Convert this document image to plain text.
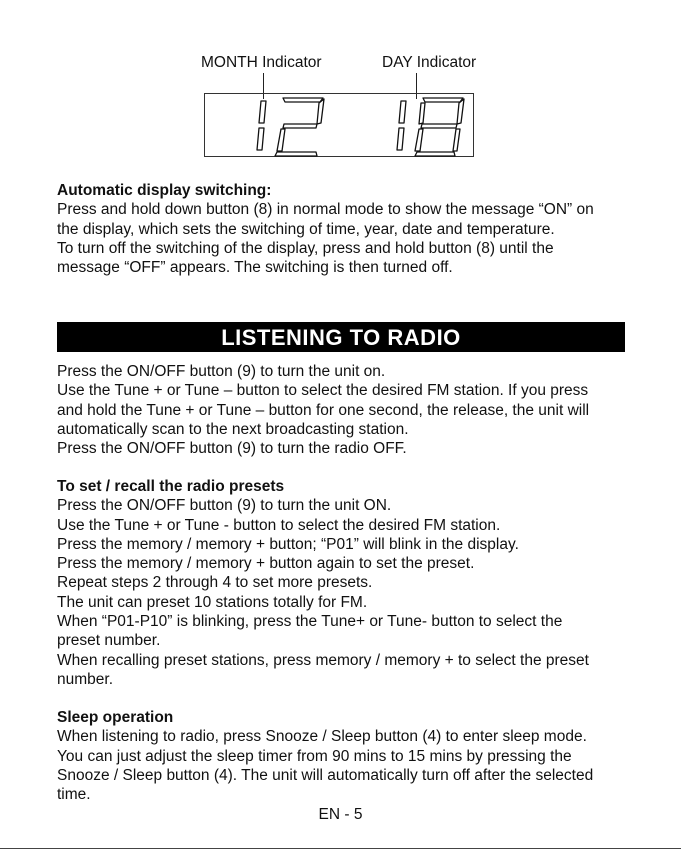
MONTH Indicator	DAY Indicator

Automatic display switching:

Press and hold down button (8) in normal mode to show the message “ON” on

the display, which sets the switching of time, year, date and temperature.

To turn off the switching of the display, press and hold button (8) until the

message “OFF” appears. The switching is then turned off.

LISTENING TO RADIO

Press the ON/OFF button (9) to turn the unit on.

Use the Tune + or Tune – button to select the desired FM station. If you press

and hold the Tune + or Tune – button for one second, the release, the unit will

automatically scan to the next broadcasting station.

Press the ON/OFF button (9) to turn the radio OFF.

To set / recall the radio presets

Press the ON/OFF button (9) to turn the unit ON.

Use the Tune + or Tune - button to select the desired FM station.

Press the memory / memory + button; “P01” will blink in the display.

Press the memory / memory + button again to set the preset.

Repeat steps 2 through 4 to set more presets.

The unit can preset 10 stations totally for FM.

When “P01-P10” is blinking, press the Tune+ or Tune- button to select the

preset number.

When recalling preset stations, press memory / memory + to select the preset

number.

Sleep operation

When listening to radio, press Snooze / Sleep button (4) to enter sleep mode.

You can just adjust the sleep timer from 90 mins to 15 mins by pressing the

Snooze / Sleep button (4). The unit will automatically turn off after the selected

time.

EN - 5
